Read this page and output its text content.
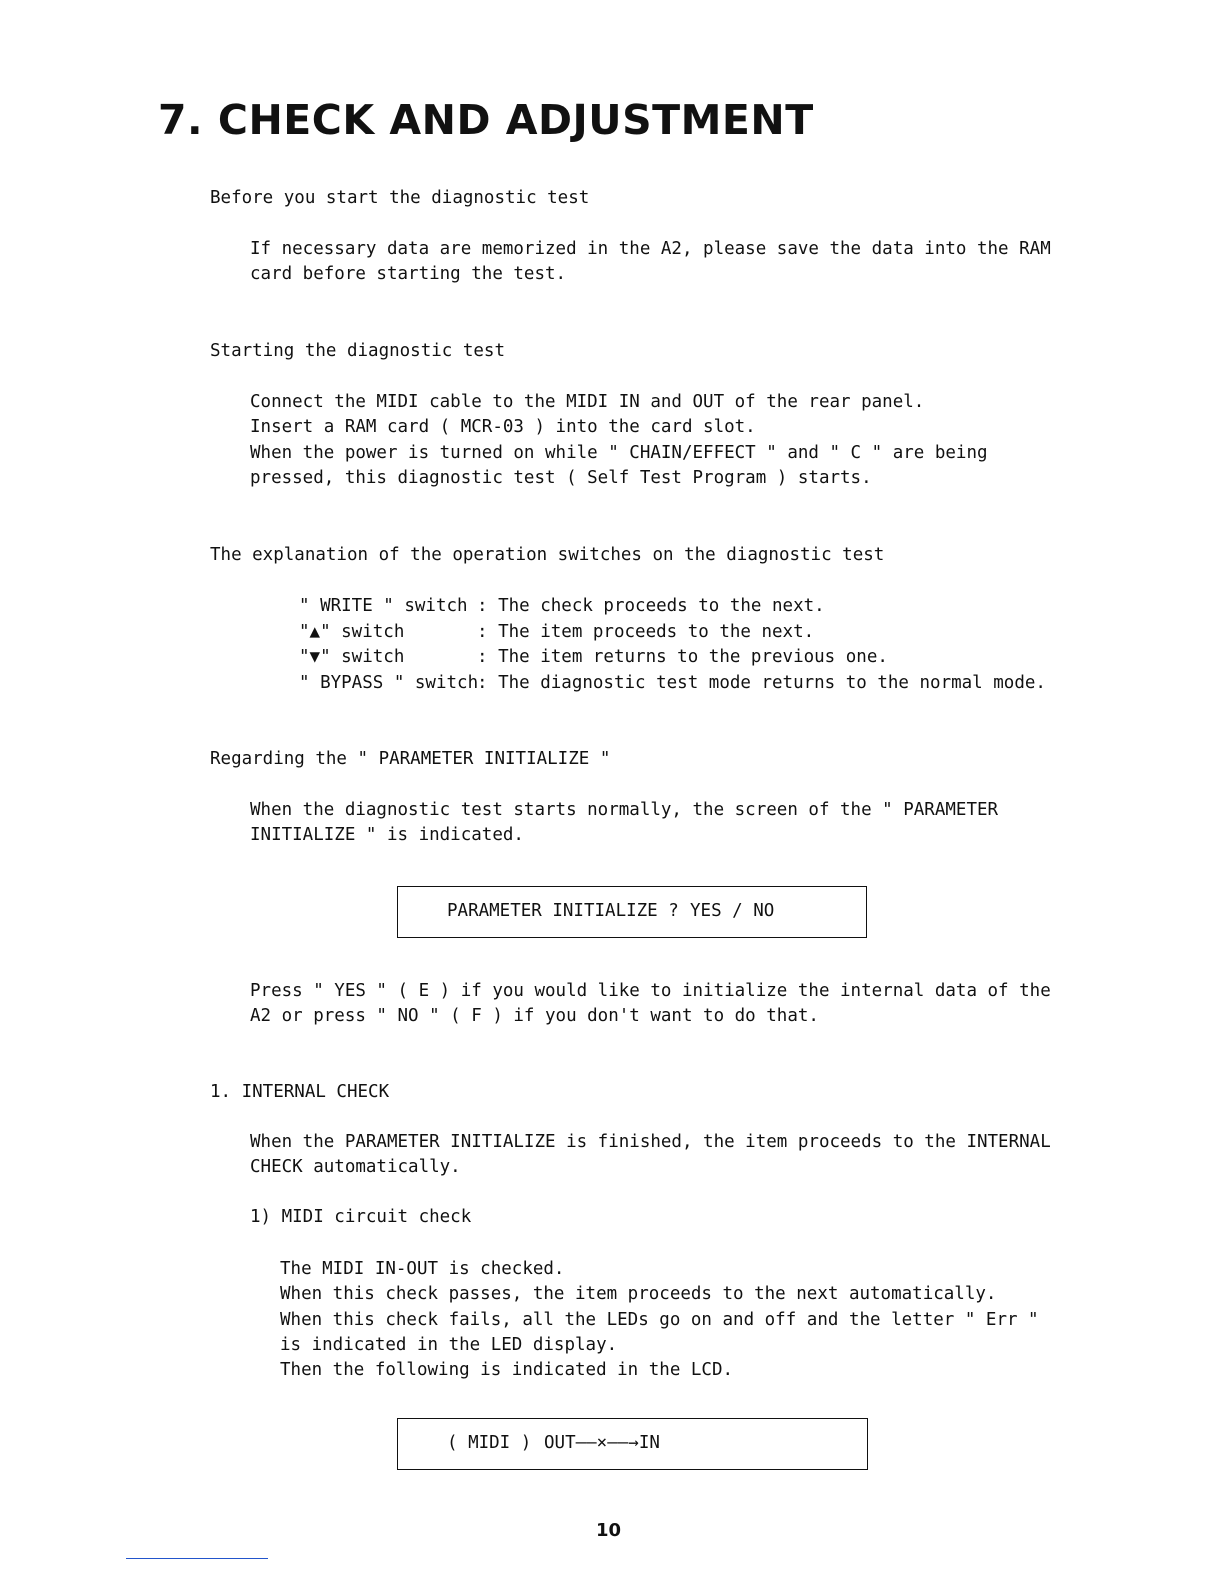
7. CHECK AND ADJUSTMENT

Before you start the diagnostic test

If necessary data are memorized in the A2, please save the data into the RAM

card before starting the test.

Starting the diagnostic test

Connect the MIDI cable to the MIDI IN and OUT of the rear panel.

Insert a RAM card ( MCR-03 ) into the card slot.

When the power is turned on while " CHAIN/EFFECT " and " C " are being

pressed, this diagnostic test ( Self Test Program ) starts.

The explanation of the operation switches on the diagnostic test

" WRITE " switch : The check proceeds to the next.
"▲" switch	: The item proceeds to the next.
"▼" switch	: The item returns to the previous one.
" BYPASS " switch
: The diagnostic test mode returns to the normal mode.

Regarding the " PARAMETER INITIALIZE "

When the diagnostic test starts normally, the screen of the " PARAMETER

INITIALIZE " is indicated.

PARAMETER INITIALIZE ? YES / NO

Press " YES " ( E ) if you would like to initialize the internal data of the

A2 or press " NO " ( F ) if you don't want to do that.

1. INTERNAL CHECK

When the PARAMETER INITIALIZE is finished, the item proceeds to the INTERNAL

CHECK automatically.

1) MIDI circuit check

The MIDI IN-OUT is checked.

When this check passes, the item proceeds to the next automatically.

When this check fails, all the LEDs go on and off and the letter " Err "

is indicated in the LED display.

Then the following is indicated in the LCD.

( MIDI ) OUT——×——→IN

10
